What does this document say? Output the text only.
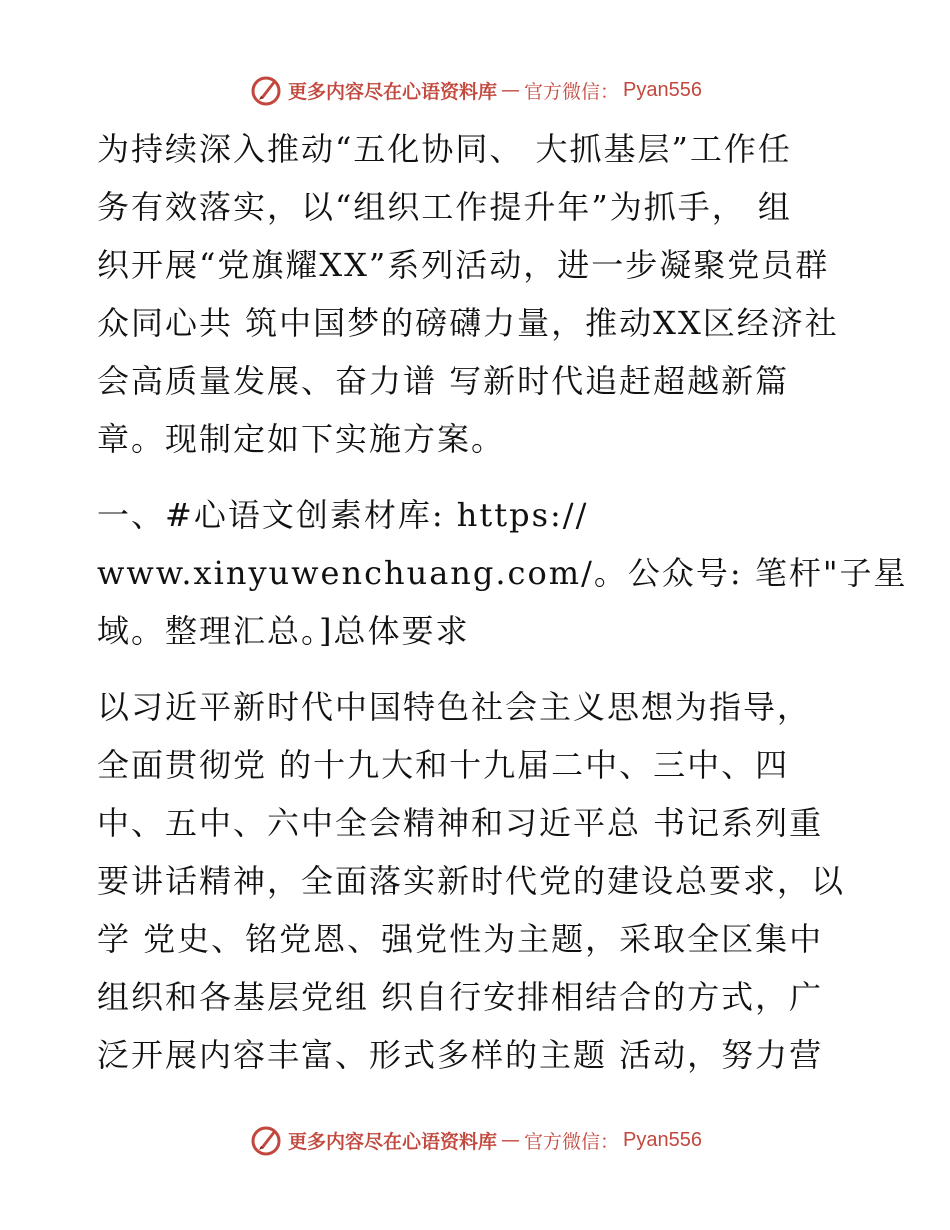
更多内容尽在心语资料库 — 官方微信： Pyan556
为持续深入推动“五化协同、 大抓基层”工作任
务有效落实，以“组织工作提升年”为抓手， 组
织开展“党旗耀XX”系列活动，进一步凝聚党员群
众同心共 筑中国梦的磅礴力量，推动XX区经济社
会高质量发展、奋力谱 写新时代追赶超越新篇
章。现制定如下实施方案。
一、#心语文创素材库: https://
www.xinyuwenchuang.com/。公众号: 笔杆"子星
域。整理汇总。]总体要求
以习近平新时代中国特色社会主义思想为指导，
全面贯彻党 的十九大和十九届二中、三中、四
中、五中、六中全会精神和习近平总 书记系列重
要讲话精神，全面落实新时代党的建设总要求，以
学 党史、铭党恩、强党性为主题，采取全区集中
组织和各基层党组 织自行安排相结合的方式，广
泛开展内容丰富、形式多样的主题 活动，努力营
更多内容尽在心语资料库 — 官方微信： Pyan556
